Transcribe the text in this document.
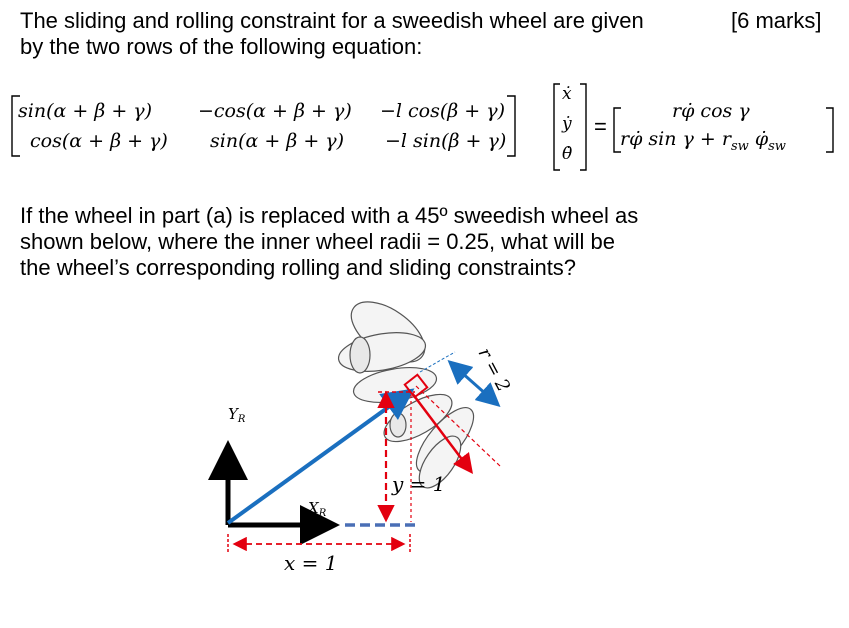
The sliding and rolling constraint for a sweedish wheel are given	[6 marks]
by the two rows of the following equation:
sin(α + β + γ) −cos(α + β + γ) −l cos(β + γ)
cos(α + β + γ) sin(α + β + γ) −l sin(β + γ)
ẋ
ẏ
θ̇
=
rφ̇ cos γ
rφ̇ $\sin \gamma + r_{sw}$ $\varphi̇_{sw}$
If the wheel in part (a) is replaced with a 45º sweedish wheel as
shown below, where the inner wheel radii = 0.25, what will be
the wheel’s corresponding rolling and sliding constraints?
$Y_R$
$X_R$
x = 1
y = 1
r = 2
